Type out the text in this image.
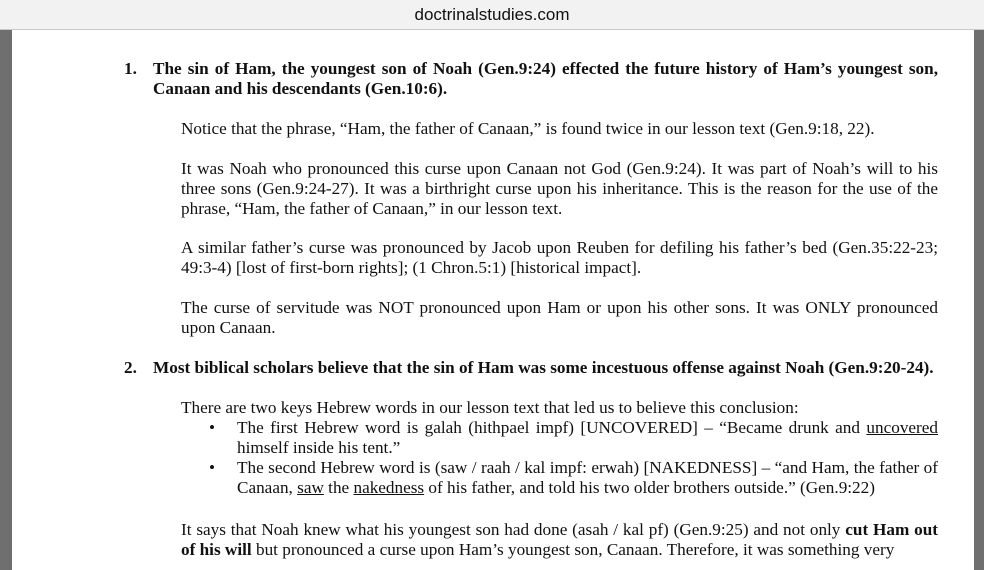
doctrinalstudies.com
1. The sin of Ham, the youngest son of Noah (Gen.9:24) effected the future history of Ham’s youngest son, Canaan and his descendants (Gen.10:6).
Notice that the phrase, “Ham, the father of Canaan,” is found twice in our lesson text (Gen.9:18, 22).
It was Noah who pronounced this curse upon Canaan not God (Gen.9:24). It was part of Noah’s will to his three sons (Gen.9:24-27). It was a birthright curse upon his inheritance. This is the reason for the use of the phrase, “Ham, the father of Canaan,” in our lesson text.
A similar father’s curse was pronounced by Jacob upon Reuben for defiling his father’s bed (Gen.35:22-23; 49:3-4) [lost of first-born rights]; (1 Chron.5:1) [historical impact].
The curse of servitude was NOT pronounced upon Ham or upon his other sons. It was ONLY pronounced upon Canaan.
2. Most biblical scholars believe that the sin of Ham was some incestuous offense against Noah (Gen.9:20-24).
There are two keys Hebrew words in our lesson text that led us to believe this conclusion:
• The first Hebrew word is galah (hithpael impf) [UNCOVERED] – “Became drunk and uncovered himself inside his tent.”
• The second Hebrew word is (saw / raah / kal impf: erwah) [NAKEDNESS] – “and Ham, the father of Canaan, saw the nakedness of his father, and told his two older brothers outside.” (Gen.9:22)
It says that Noah knew what his youngest son had done (asah / kal pf) (Gen.9:25) and not only cut Ham out of his will but pronounced a curse upon Ham’s youngest son, Canaan. Therefore, it was something very
